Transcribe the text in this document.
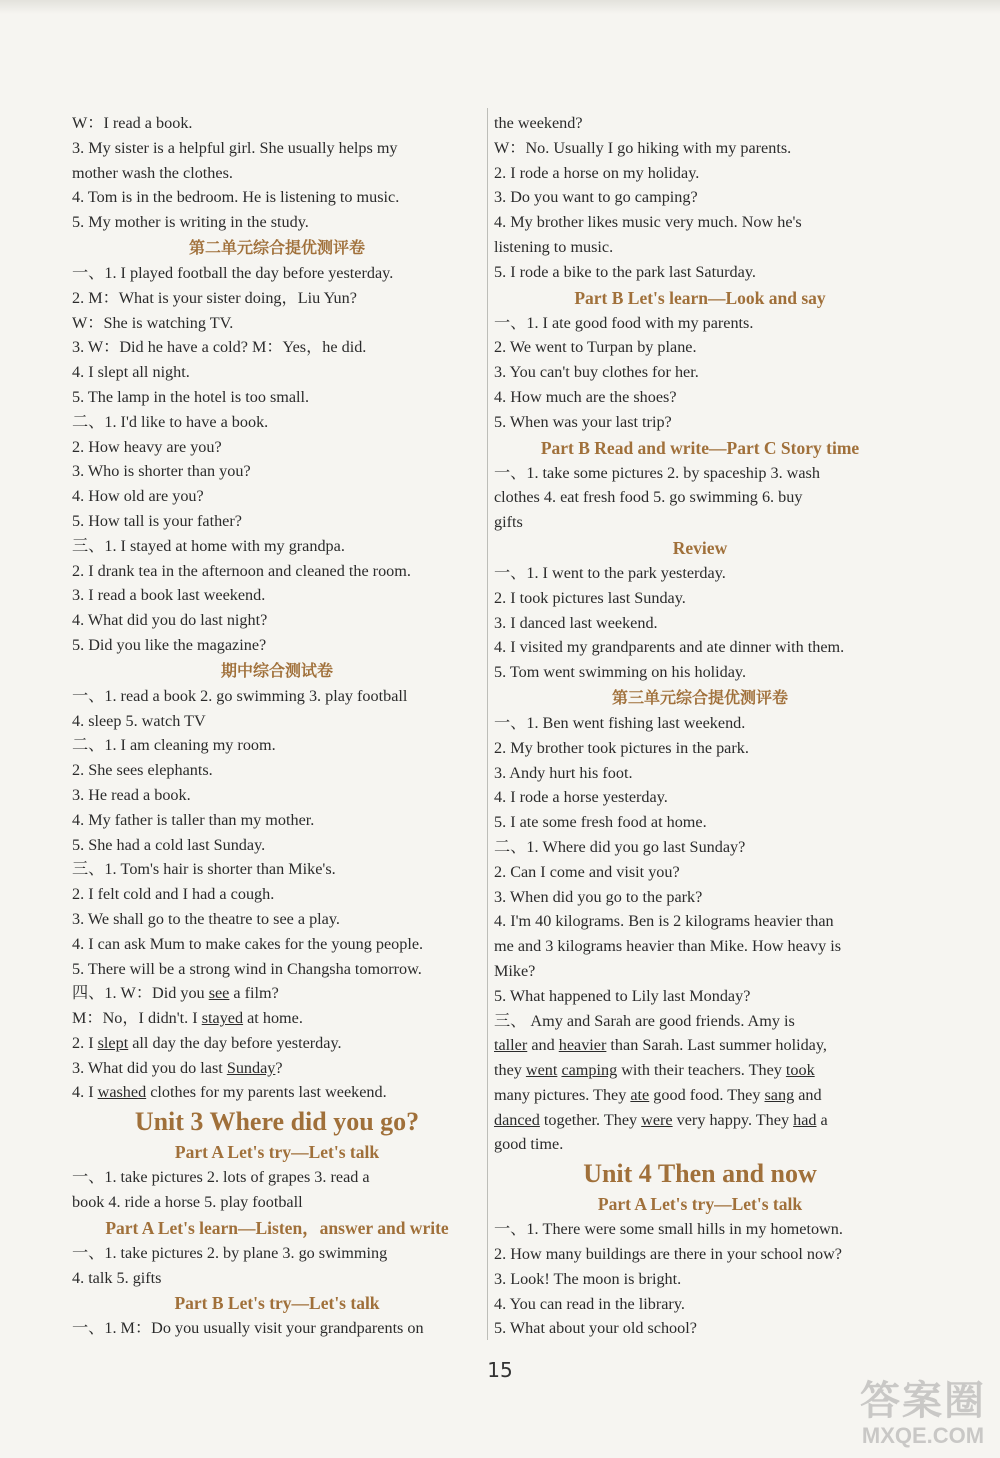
W：I read a book.
3. My sister is a helpful girl. She usually helps my
mother wash the clothes.
4. Tom is in the bedroom. He is listening to music.
5. My mother is writing in the study.
第二单元综合提优测评卷
一、1. I played football the day before yesterday.
2. M：What is your sister doing，Liu Yun?
W：She is watching TV.
3. W：Did he have a cold? M：Yes，he did.
4. I slept all night.
5. The lamp in the hotel is too small.
二、1. I'd like to have a book.
2. How heavy are you?
3. Who is shorter than you?
4. How old are you?
5. How tall is your father?
三、1. I stayed at home with my grandpa.
2. I drank tea in the afternoon and cleaned the room.
3. I read a book last weekend.
4. What did you do last night?
5. Did you like the magazine?
期中综合测试卷
一、1. read a book 2. go swimming 3. play football
4. sleep 5. watch TV
二、1. I am cleaning my room.
2. She sees elephants.
3. He read a book.
4. My father is taller than my mother.
5. She had a cold last Sunday.
三、1. Tom's hair is shorter than Mike's.
2. I felt cold and I had a cough.
3. We shall go to the theatre to see a play.
4. I can ask Mum to make cakes for the young people.
5. There will be a strong wind in Changsha tomorrow.
四、1. W：Did you see a film?
M：No，I didn't. I stayed at home.
2. I slept all day the day before yesterday.
3. What did you do last Sunday?
4. I washed clothes for my parents last weekend.
Unit 3 Where did you go?
Part A Let's try—Let's talk
一、1. take pictures 2. lots of grapes 3. read a
book 4. ride a horse 5. play football
Part A Let's learn—Listen，answer and write
一、1. take pictures 2. by plane 3. go swimming
4. talk 5. gifts
Part B Let's try—Let's talk
一、1. M：Do you usually visit your grandparents on
the weekend?
W：No. Usually I go hiking with my parents.
2. I rode a horse on my holiday.
3. Do you want to go camping?
4. My brother likes music very much. Now he's
listening to music.
5. I rode a bike to the park last Saturday.
Part B Let's learn—Look and say
一、1. I ate good food with my parents.
2. We went to Turpan by plane.
3. You can't buy clothes for her.
4. How much are the shoes?
5. When was your last trip?
Part B Read and write—Part C Story time
一、1. take some pictures 2. by spaceship 3. wash
clothes 4. eat fresh food 5. go swimming 6. buy
gifts
Review
一、1. I went to the park yesterday.
2. I took pictures last Sunday.
3. I danced last weekend.
4. I visited my grandparents and ate dinner with them.
5. Tom went swimming on his holiday.
第三单元综合提优测评卷
一、1. Ben went fishing last weekend.
2. My brother took pictures in the park.
3. Andy hurt his foot.
4. I rode a horse yesterday.
5. I ate some fresh food at home.
二、1. Where did you go last Sunday?
2. Can I come and visit you?
3. When did you go to the park?
4. I'm 40 kilograms. Ben is 2 kilograms heavier than
me and 3 kilograms heavier than Mike. How heavy is
Mike?
5. What happened to Lily last Monday?
三、 Amy and Sarah are good friends. Amy is
taller and heavier than Sarah. Last summer holiday,
they went camping with their teachers. They took
many pictures. They ate good food. They sang and
danced together. They were very happy. They had a
good time.
Unit 4 Then and now
Part A Let's try—Let's talk
一、1. There were some small hills in my hometown.
2. How many buildings are there in your school now?
3. Look! The moon is bright.
4. You can read in the library.
5. What about your old school?
15
答案圈
MXQE.COM
